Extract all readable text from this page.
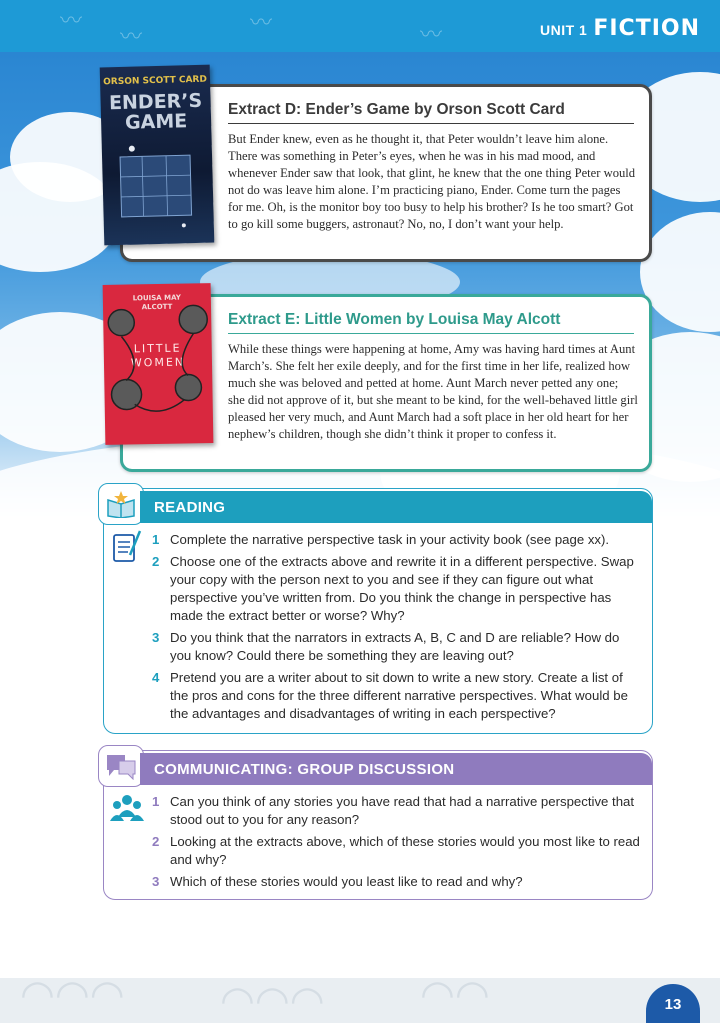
〰
〰
〰	〰	UNIT 1 FICTION
Extract D: Ender’s Game by Orson Scott Card
But Ender knew, even as he thought it, that Peter wouldn’t leave him alone. There was something in Peter’s eyes, when he was in his mad mood, and whenever Ender saw that look, that glint, he knew that the one thing Peter would not do was leave him alone. I’m practicing piano, Ender. Come turn the pages for me. Oh, is the monitor boy too busy to help his brother? Is he too smart? Got to go kill some buggers, astronaut? No, no, I don’t want your help.
ORSON SCOTT CARD
ENDER’S GAME
Extract E: Little Women by Louisa May Alcott
While these things were happening at home, Amy was having hard times at Aunt March’s. She felt her exile deeply, and for the first time in her life, realized how much she was beloved and petted at home. Aunt March never petted any one; she did not approve of it, but she meant to be kind, for the well-behaved little girl pleased her very much, and Aunt March had a soft place in her old heart for her nephew’s children, though she didn’t think it proper to confess it.
LOUISA MAY ALCOTT
LITTLE WOMEN
READING
1 Complete the narrative perspective task in your activity book (see page xx).
2 Choose one of the extracts above and rewrite it in a different perspective. Swap your copy with the person next to you and see if they can figure out what perspective you’ve written from. Do you think the change in perspective has made the extract better or worse? Why?
3 Do you think that the narrators in extracts A, B, C and D are reliable? How do you know? Could there be something they are leaving out?
4 Pretend you are a writer about to sit down to write a new story. Create a list of the pros and cons for the three different narrative perspectives. What would be the advantages and disadvantages of writing in each perspective?
COMMUNICATING: GROUP DISCUSSION
1 Can you think of any stories you have read that had a narrative perspective that stood out to you for any reason?
2 Looking at the extracts above, which of these stories would you most like to read and why?
3 Which of these stories would you least like to read and why?
◠◠◠ ◠◠◠ ◠◠	13
